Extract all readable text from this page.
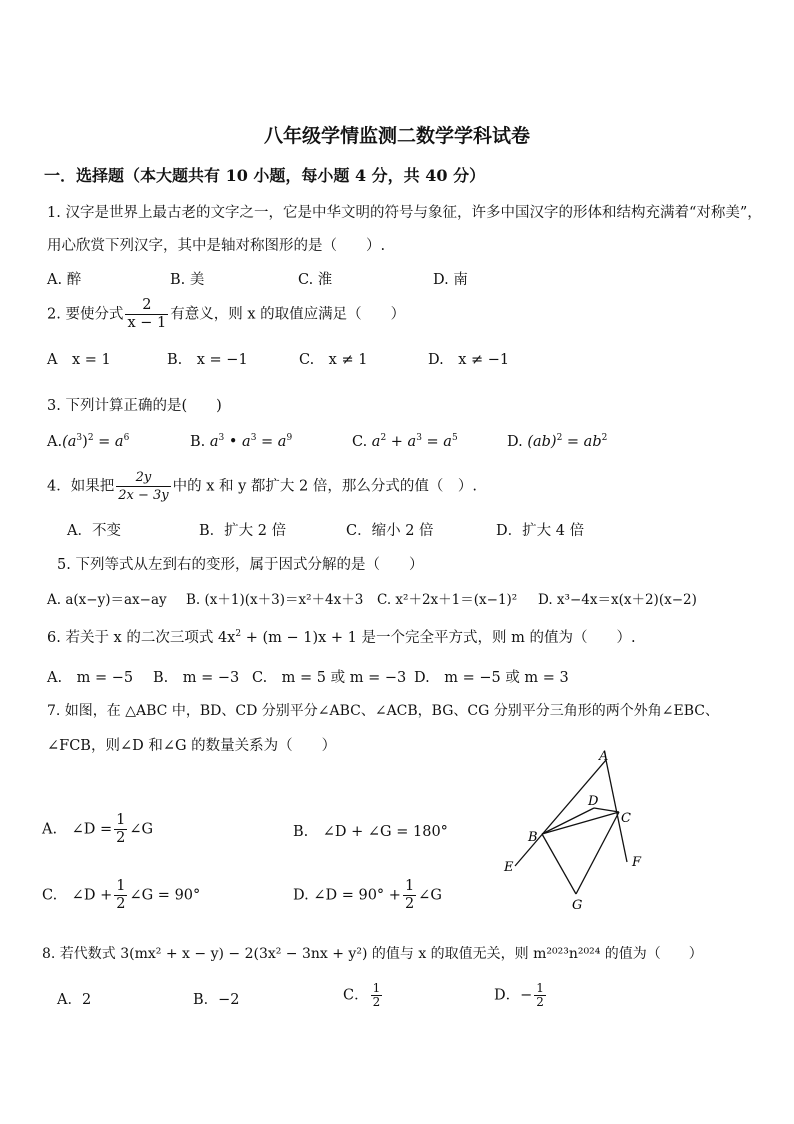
八年级学情监测二数学学科试卷
一．选择题（本大题共有 10 小题，每小题 4 分，共 40 分）
1. 汉字是世界上最古老的文字之一，它是中华文明的符号与象征，许多中国汉字的形体和结构充满着“对称美”，
用心欣赏下列汉字，其中是轴对称图形的是（　　）.
A. 醉	B. 美	C. 淮	D. 南
2. 要使分式 $\frac{2}{x - 1}$ 有意义，则 x 的取值应满足（　　）
A　x = 1	B.　x = −1	C.　x ≠ 1	D.　x ≠ −1
3. 下列计算正确的是(　　)
$A.(a^3)^2 = a^6$	B. $a^3$ • $a^3 = a^9$	C. $a^2 + a^3 = a^5$	D. $(ab)^2 = ab^2$
4．如果把 $\frac{2y}{2x - 3y}$ 中的 x 和 y 都扩大 2 倍，那么分式的值（　）.
A．不变	B．扩大 2 倍	C．缩小 2 倍	D．扩大 4 倍
5. 下列等式从左到右的变形，属于因式分解的是（　　）
A. a(x−y)＝ax−ay B. (x＋1)(x＋3)＝x²＋4x＋3 C. x²＋2x＋1＝(x−1)² D. x³−4x＝x(x＋2)(x−2)
6. 若关于 x 的二次三项式 $4x^2 + (m - 1)x + 1$ 是一个完全平方式，则 m 的值为（　　）.
A.　m = −5 B.　m = −3 C.　m = 5 或 m = −3 D.　m = −5 或 m = 3
7. 如图，在 △ABC 中，BD、CD 分别平分∠ABC、∠ACB，BG、CG 分别平分三角形的两个外角∠EBC、
∠FCB，则∠D 和∠G 的数量关系为（　　）
A.　∠D = $\frac{1}{2}$ ∠G	B.　∠D + ∠G = 180°
C.　∠D + $\frac{1}{2}$ ∠G = 90°	D. ∠D = $90^\circ + \frac{1}{2}$ ∠G
A
D
C
B
E	F
G
8. 若代数式 3(mx² + x − y) − 2(3x² − 3nx + y²) 的值与 x 的取值无关，则 m²⁰²³n²⁰²⁴ 的值为（　　）
A．2	B．−2	C． $\frac{1}{2}$	D．− $\frac{1}{2}$
